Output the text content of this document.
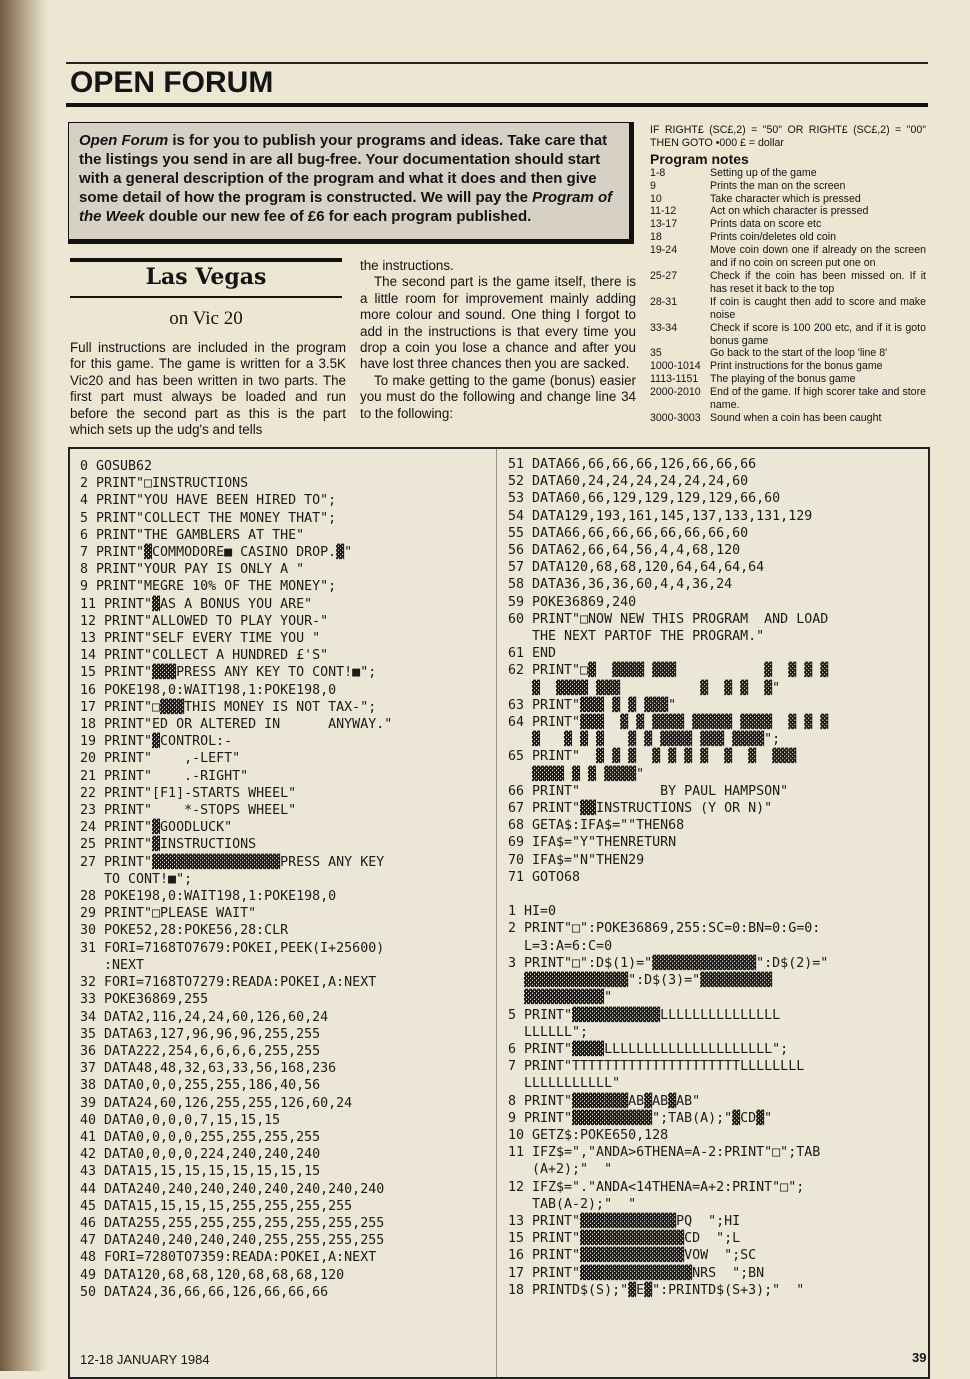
OPEN FORUM
Open Forum is for you to publish your programs and ideas. Take care that the listings you send in are all bug-free. Your documentation should start with a general description of the program and what it does and then give some detail of how the program is constructed. We will pay the Program of the Week double our new fee of £6 for each program published.
Las Vegas
on Vic 20
Full instructions are included in the program for this game. The game is written for a 3.5K Vic20 and has been written in two parts. The first part must always be loaded and run before the second part as this is the part which sets up the udg's and tells

the instructions.

The second part is the game itself, there is a little room for improvement mainly adding more colour and sound. One thing I forgot to add in the instructions is that every time you drop a coin you lose a chance and after you have lost three chances then you are sacked.

To make getting to the game (bonus) easier you must do the following and change line 34 to the following:

IF RIGHT£ (SC£,2) = "50" OR RIGHT£ (SC£,2) = "00" THEN GOTO •000 £ = dollar
Program notes
1-8	Setting up of the game
9	Prints the man on the screen
10	Take character which is pressed
11-12	Act on which character is pressed
13-17	Prints data on score etc
18	Prints coin/deletes old coin
19-24	Move coin down one if already on the screen and if no coin on screen put one on
25-27	Check if the coin has been missed on. If it has reset it back to the top
28-31	If coin is caught then add to score and make noise
33-34	Check if score is 100 200 etc, and if it is goto bonus game
35	Go back to the start of the loop 'line 8'
1000-1014 Print instructions for the bonus game
1113-1151	The playing of the bonus game
2000-2010 End of the game. If high scorer take and store name.
3000-3003 Sound when a coin has been caught
0 GOSUB62
2 PRINT"□INSTRUCTIONS
4 PRINT"YOU HAVE BEEN HIRED TO";
5 PRINT"COLLECT THE MONEY THAT";
6 PRINT"THE GAMBLERS AT THE"
7 PRINT"▓COMMODORE■ CASINO DROP.▓"
8 PRINT"YOUR PAY IS ONLY A "
9 PRINT"MEGRE 10% OF THE MONEY";
11 PRINT"▓AS A BONUS YOU ARE"
12 PRINT"ALLOWED TO PLAY YOUR-"
13 PRINT"SELF EVERY TIME YOU "
14 PRINT"COLLECT A HUNDRED £'S"
15 PRINT"▓▓▓PRESS ANY KEY TO CONT!■";
16 POKE198,0:WAIT198,1:POKE198,0
17 PRINT"□▓▓▓THIS MONEY IS NOT TAX-";
18 PRINT"ED OR ALTERED IN      ANYWAY."
19 PRINT"▓CONTROL:-
20 PRINT"    ,-LEFT"
21 PRINT"    .-RIGHT"
22 PRINT"[F1]-STARTS WHEEL"
23 PRINT"    *-STOPS WHEEL"
24 PRINT"▓GOODLUCK"
25 PRINT"▓INSTRUCTIONS
27 PRINT"▓▓▓▓▓▓▓▓▓▓▓▓▓▓▓▓PRESS ANY KEY
TO CONT!■";
28 POKE198,0:WAIT198,1:POKE198,0
29 PRINT"□PLEASE WAIT"
30 POKE52,28:POKE56,28:CLR
31 FORI=7168TO7679:POKEI,PEEK(I+25600)
:NEXT
32 FORI=7168TO7279:READA:POKEI,A:NEXT
33 POKE36869,255
34 DATA2,116,24,24,60,126,60,24
35 DATA63,127,96,96,96,255,255
36 DATA222,254,6,6,6,6,255,255
37 DATA48,48,32,63,33,56,168,236
38 DATA0,0,0,255,255,186,40,56
39 DATA24,60,126,255,255,126,60,24
40 DATA0,0,0,0,7,15,15,15
41 DATA0,0,0,0,255,255,255,255
42 DATA0,0,0,0,224,240,240,240
43 DATA15,15,15,15,15,15,15,15
44 DATA240,240,240,240,240,240,240,240
45 DATA15,15,15,15,255,255,255,255
46 DATA255,255,255,255,255,255,255,255
47 DATA240,240,240,240,255,255,255,255
48 FORI=7280TO7359:READA:POKEI,A:NEXT
49 DATA120,68,68,120,68,68,68,120
50 DATA24,36,66,66,126,66,66,66
51 DATA66,66,66,66,126,66,66,66
52 DATA60,24,24,24,24,24,24,60
53 DATA60,66,129,129,129,129,66,60
54 DATA129,193,161,145,137,133,131,129
55 DATA66,66,66,66,66,66,66,60
56 DATA62,66,64,56,4,4,68,120
57 DATA120,68,68,120,64,64,64,64
58 DATA36,36,36,60,4,4,36,24
59 POKE36869,240
60 PRINT"□NOW NEW THIS PROGRAM  AND LOAD
THE NEXT PARTOF THE PROGRAM."
61 END
62 PRINT"□▓  ▓▓▓▓ ▓▓▓           ▓  ▓ ▓ ▓
▓  ▓▓▓▓ ▓▓▓          ▓  ▓ ▓  ▓"
63 PRINT"▓▓▓ ▓ ▓ ▓▓▓"
64 PRINT"▓▓▓  ▓ ▓ ▓▓▓▓ ▓▓▓▓▓ ▓▓▓▓  ▓ ▓ ▓
▓   ▓ ▓ ▓   ▓ ▓ ▓▓▓▓ ▓▓▓ ▓▓▓▓";
65 PRINT"  ▓ ▓ ▓  ▓ ▓ ▓ ▓  ▓  ▓  ▓▓▓
▓▓▓▓ ▓ ▓ ▓▓▓▓"
66 PRINT"          BY PAUL HAMPSON"
67 PRINT"▓▓INSTRUCTIONS (Y OR N)"
68 GETA$:IFA$=""THEN68
69 IFA$="Y"THENRETURN
70 IFA$="N"THEN29
71 GOTO68

1 HI=0
2 PRINT"□":POKE36869,255:SC=0:BN=0:G=0:
L=3:A=6:C=0
3 PRINT"□":D$(1)="▓▓▓▓▓▓▓▓▓▓▓▓▓":D$(2)="
▓▓▓▓▓▓▓▓▓▓▓▓▓":D$(3)="▓▓▓▓▓▓▓▓▓
▓▓▓▓▓▓▓▓▓▓"
5 PRINT"▓▓▓▓▓▓▓▓▓▓▓LLLLLLLLLLLLLLL
LLLLLL";
6 PRINT"▓▓▓▓LLLLLLLLLLLLLLLLLLLLL";
7 PRINT"TTTTTTTTTTTTTTTTTTTTTLLLLLLLL
LLLLLLLLLLL"
8 PRINT"▓▓▓▓▓▓▓AB▓AB▓AB"
9 PRINT"▓▓▓▓▓▓▓▓▓▓";TAB(A);"▓CD▓"
10 GETZ$:POKE650,128
11 IFZ$=","ANDA>6THENA=A-2:PRINT"□";TAB
(A+2);"  "
12 IFZ$="."ANDA<14THENA=A+2:PRINT"□";
TAB(A-2);"  "
13 PRINT"▓▓▓▓▓▓▓▓▓▓▓▓PQ  ";HI
15 PRINT"▓▓▓▓▓▓▓▓▓▓▓▓▓CD  ";L
16 PRINT"▓▓▓▓▓▓▓▓▓▓▓▓▓VOW  ";SC
17 PRINT"▓▓▓▓▓▓▓▓▓▓▓▓▓▓NRS  ";BN
18 PRINTD$(S);"▓E▓":PRINTD$(S+3);"  "
12-18 JANUARY 1984	39
